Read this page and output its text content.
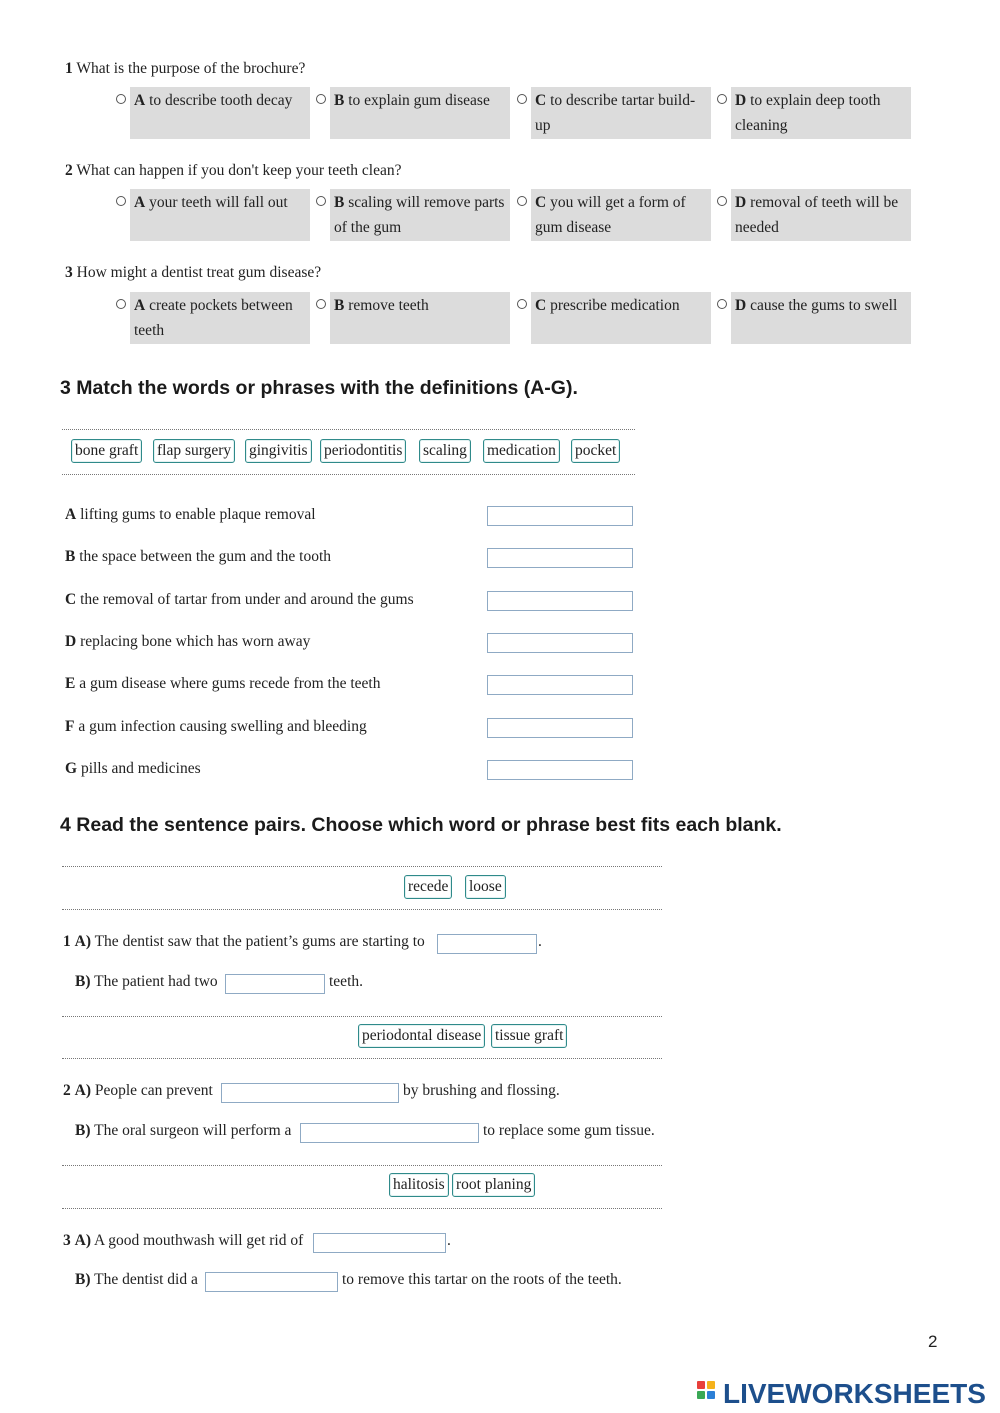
1 What is the purpose of the brochure?
A to describe tooth decay	B to explain gum disease	C to describe tartar build-up
D to explain deep tooth cleaning
2 What can happen if you don't keep your teeth clean?
A your teeth will fall out	B scaling will remove parts of the gum
C you will get a form of gum disease
D removal of teeth will be needed
3 How might a dentist treat gum disease?
A create pockets between teeth
B remove teeth	C prescribe medication	D cause the gums to swell
3 Match the words or phrases with the definitions (A-G).
bone graft flap surgery gingivitis periodontitis scaling medication pocket
A lifting gums to enable plaque removal
B the space between the gum and the tooth
C the removal of tartar from under and around the gums
D replacing bone which has worn away
E a gum disease where gums recede from the teeth
F a gum infection causing swelling and bleeding
G pills and medicines
4 Read the sentence pairs. Choose which word or phrase best fits each blank.
recede loose
1 A) The dentist saw that the patient’s gums are starting to	.
B) The patient had two	teeth.
periodontal disease tissue graft
2 A) People can prevent	by brushing and flossing.
B) The oral surgeon will perform a	to replace some gum tissue.
halitosis root planing
3 A) A good mouthwash will get rid of	.
B) The dentist did a	to remove this tartar on the roots of the teeth.
2
LIVEWORKSHEETS
